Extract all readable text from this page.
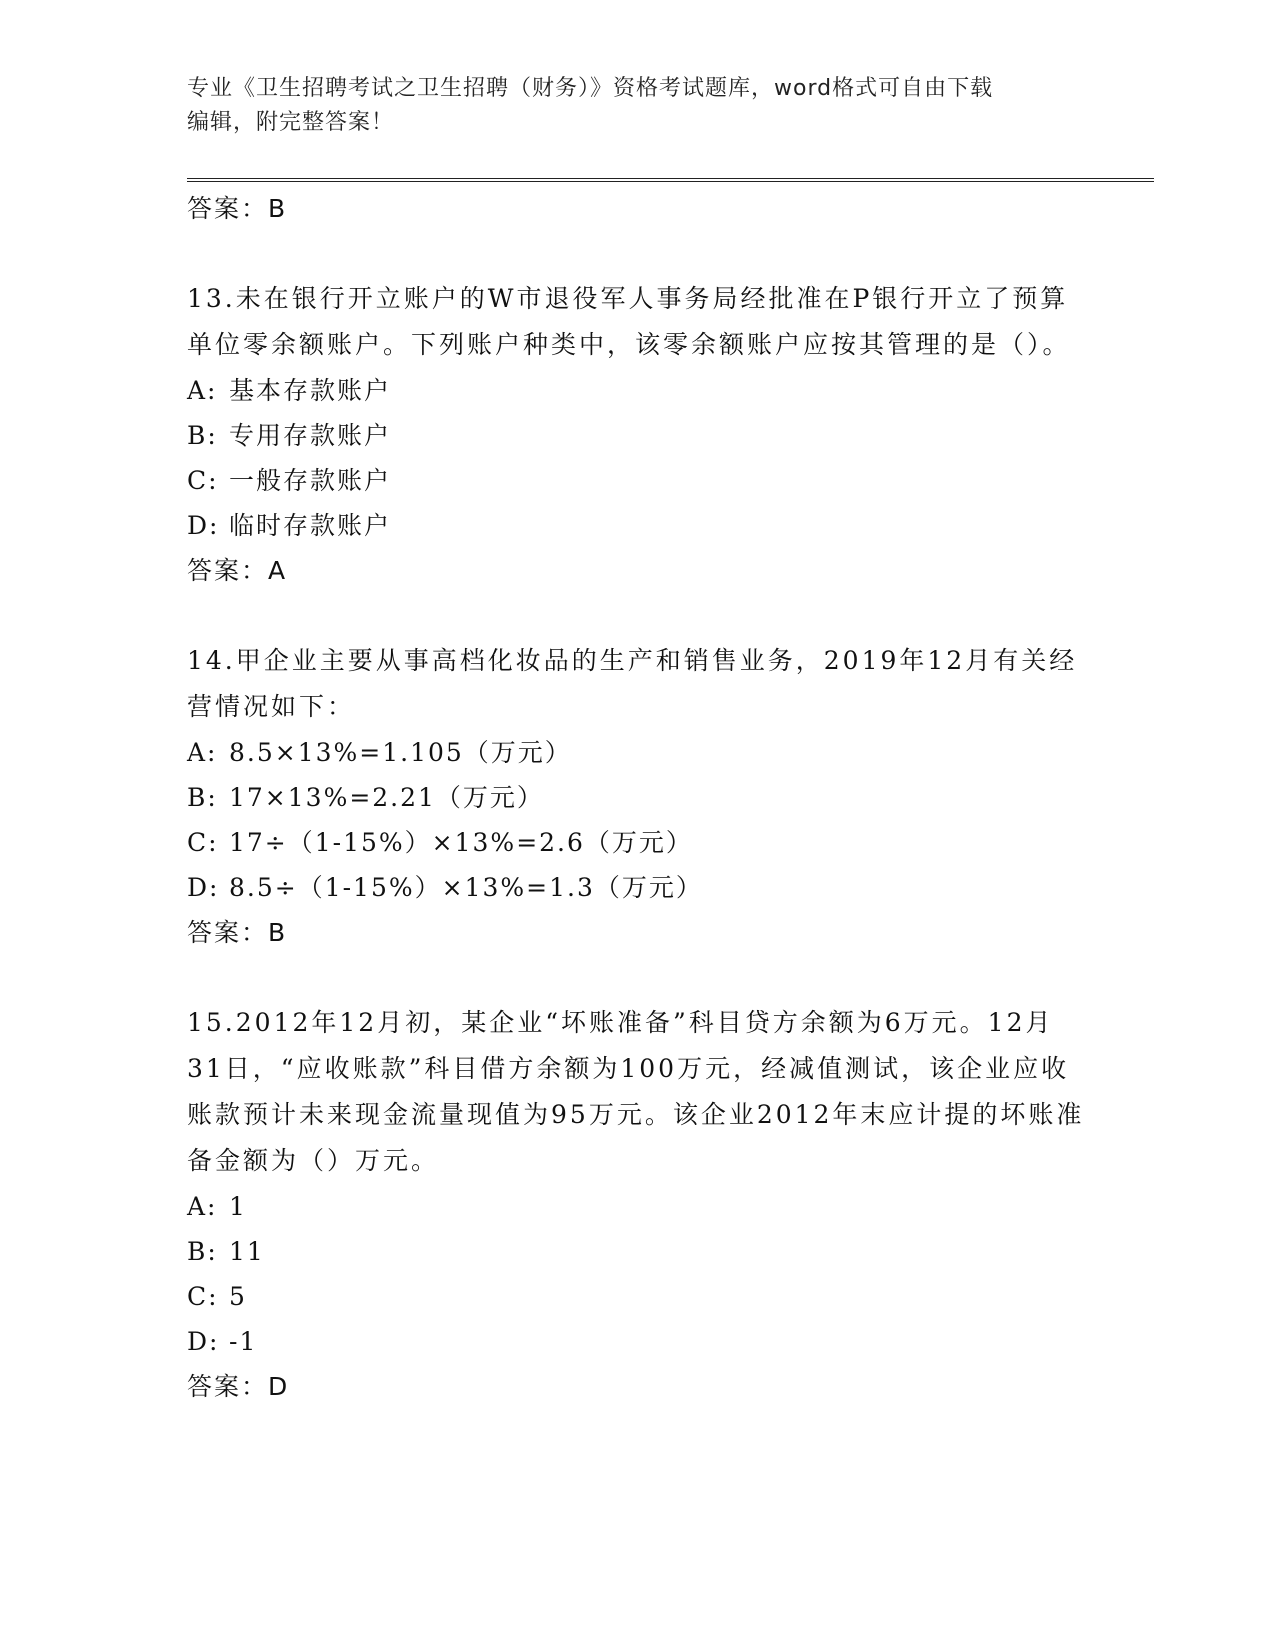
专业《卫生招聘考试之卫生招聘（财务）》资格考试题库，word格式可自由下载
编辑，附完整答案！
答案：B

13.未在银行开立账户的W市退役军人事务局经批准在P银行开立了预算单位零余额账户。下列账户种类中，该零余额账户应按其管理的是（）。

A: 基本存款账户
B: 专用存款账户
C: 一般存款账户
D: 临时存款账户
答案：A

14.甲企业主要从事高档化妆品的生产和销售业务，2019年12月有关经营情况如下：

A: 8.5×13%=1.105（万元）
B: 17×13%=2.21（万元）
C: 17÷（1-15%）×13%=2.6（万元）
D: 8.5÷（1-15%）×13%=1.3（万元）
答案：B

15.2012年12月初，某企业“坏账准备”科目贷方余额为6万元。12月31日，“应收账款”科目借方余额为100万元，经减值测试，该企业应收账款预计未来现金流量现值为95万元。该企业2012年末应计提的坏账准备金额为（）万元。

A: 1
B: 11
C: 5
D: -1
答案：D
